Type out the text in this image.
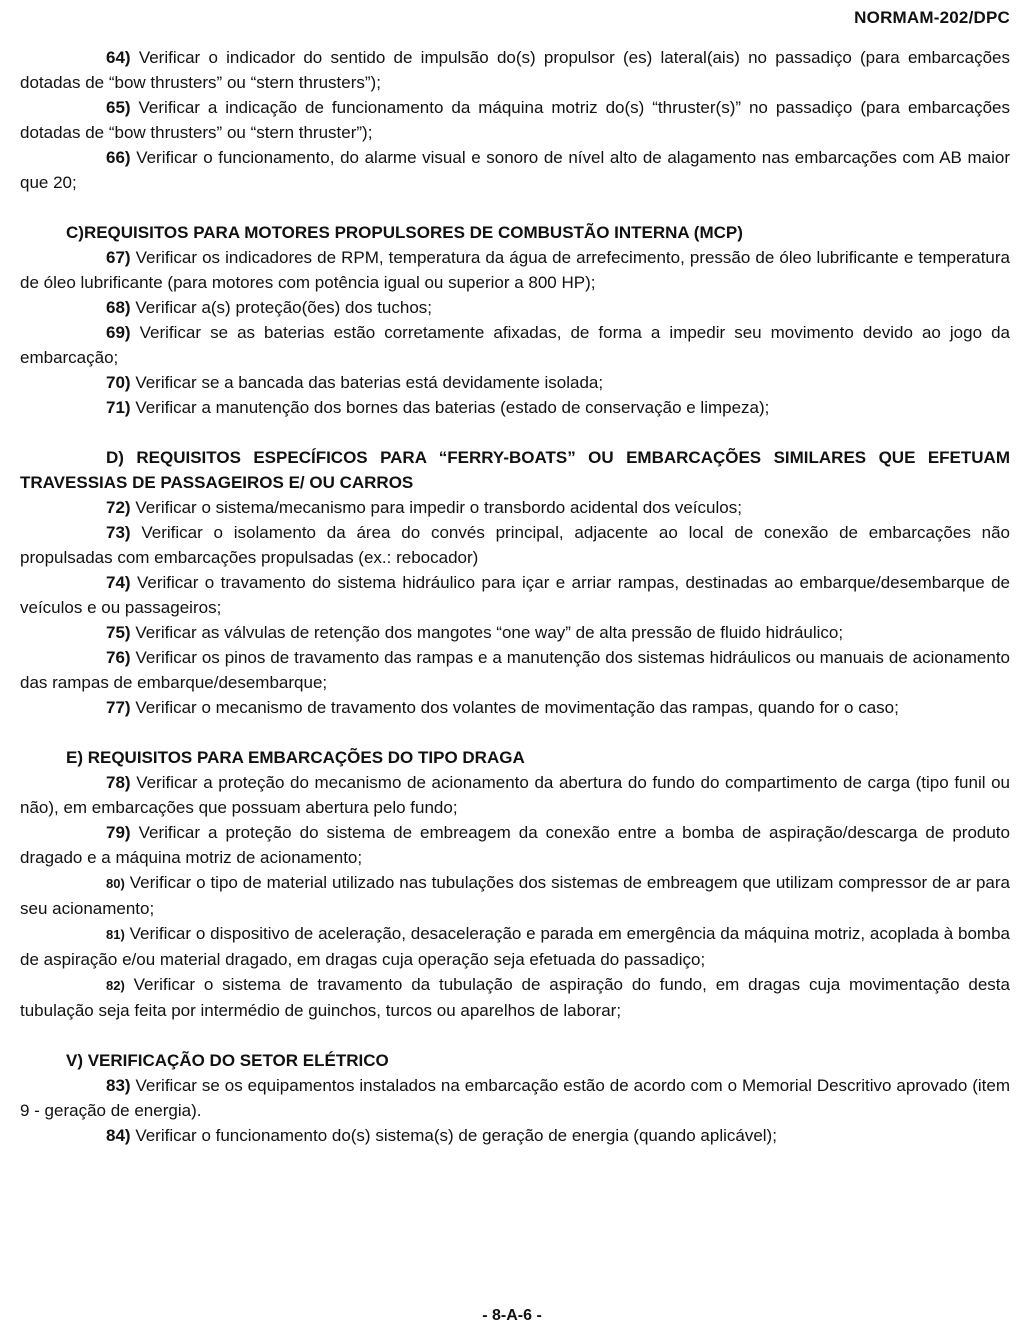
NORMAM-202/DPC

64) Verificar o indicador do sentido de impulsão do(s) propulsor (es) lateral(ais) no passadiço (para embarcações dotadas de “bow thrusters” ou “stern thrusters”);

65) Verificar a indicação de funcionamento da máquina motriz do(s) “thruster(s)” no passadiço (para embarcações dotadas de “bow thrusters” ou “stern thruster”);

66) Verificar o funcionamento, do alarme visual e sonoro de nível alto de alagamento nas embarcações com AB maior que 20;

C)REQUISITOS PARA MOTORES PROPULSORES DE COMBUSTÃO INTERNA (MCP)

67) Verificar os indicadores de RPM, temperatura da água de arrefecimento, pressão de óleo lubrificante e temperatura de óleo lubrificante (para motores com potência igual ou superior a 800 HP);

68) Verificar a(s) proteção(ões) dos tuchos;

69) Verificar se as baterias estão corretamente afixadas, de forma a impedir seu movimento devido ao jogo da embarcação;

70) Verificar se a bancada das baterias está devidamente isolada;

71) Verificar a manutenção dos bornes das baterias (estado de conservação e limpeza);

D) REQUISITOS ESPECÍFICOS PARA “FERRY-BOATS” OU EMBARCAÇÕES SIMILARES QUE EFETUAM TRAVESSIAS DE PASSAGEIROS E/ OU CARROS

72) Verificar o sistema/mecanismo para impedir o transbordo acidental dos veículos;

73) Verificar o isolamento da área do convés principal, adjacente ao local de conexão de embarcações não propulsadas com embarcações propulsadas (ex.: rebocador)

74) Verificar o travamento do sistema hidráulico para içar e arriar rampas, destinadas ao embarque/desembarque de veículos e ou passageiros;

75) Verificar as válvulas de retenção dos mangotes “one way” de alta pressão de fluido hidráulico;

76) Verificar os pinos de travamento das rampas e a manutenção dos sistemas hidráulicos ou manuais de acionamento das rampas de embarque/desembarque;

77) Verificar o mecanismo de travamento dos volantes de movimentação das rampas, quando for o caso;

E) REQUISITOS PARA EMBARCAÇÕES DO TIPO DRAGA

78) Verificar a proteção do mecanismo de acionamento da abertura do fundo do compartimento de carga (tipo funil ou não), em embarcações que possuam abertura pelo fundo;

79) Verificar a proteção do sistema de embreagem da conexão entre a bomba de aspiração/descarga de produto dragado e a máquina motriz de acionamento;

80) Verificar o tipo de material utilizado nas tubulações dos sistemas de embreagem que utilizam compressor de ar para seu acionamento;

81) Verificar o dispositivo de aceleração, desaceleração e parada em emergência da máquina motriz, acoplada à bomba de aspiração e/ou material dragado, em dragas cuja operação seja efetuada do passadiço;

82) Verificar o sistema de travamento da tubulação de aspiração do fundo, em dragas cuja movimentação desta tubulação seja feita por intermédio de guinchos, turcos ou aparelhos de laborar;

V) VERIFICAÇÃO DO SETOR ELÉTRICO

83) Verificar se os equipamentos instalados na embarcação estão de acordo com o Memorial Descritivo aprovado (item 9 - geração de energia).

84) Verificar o funcionamento do(s) sistema(s) de geração de energia (quando aplicável);

- 8-A-6 -
